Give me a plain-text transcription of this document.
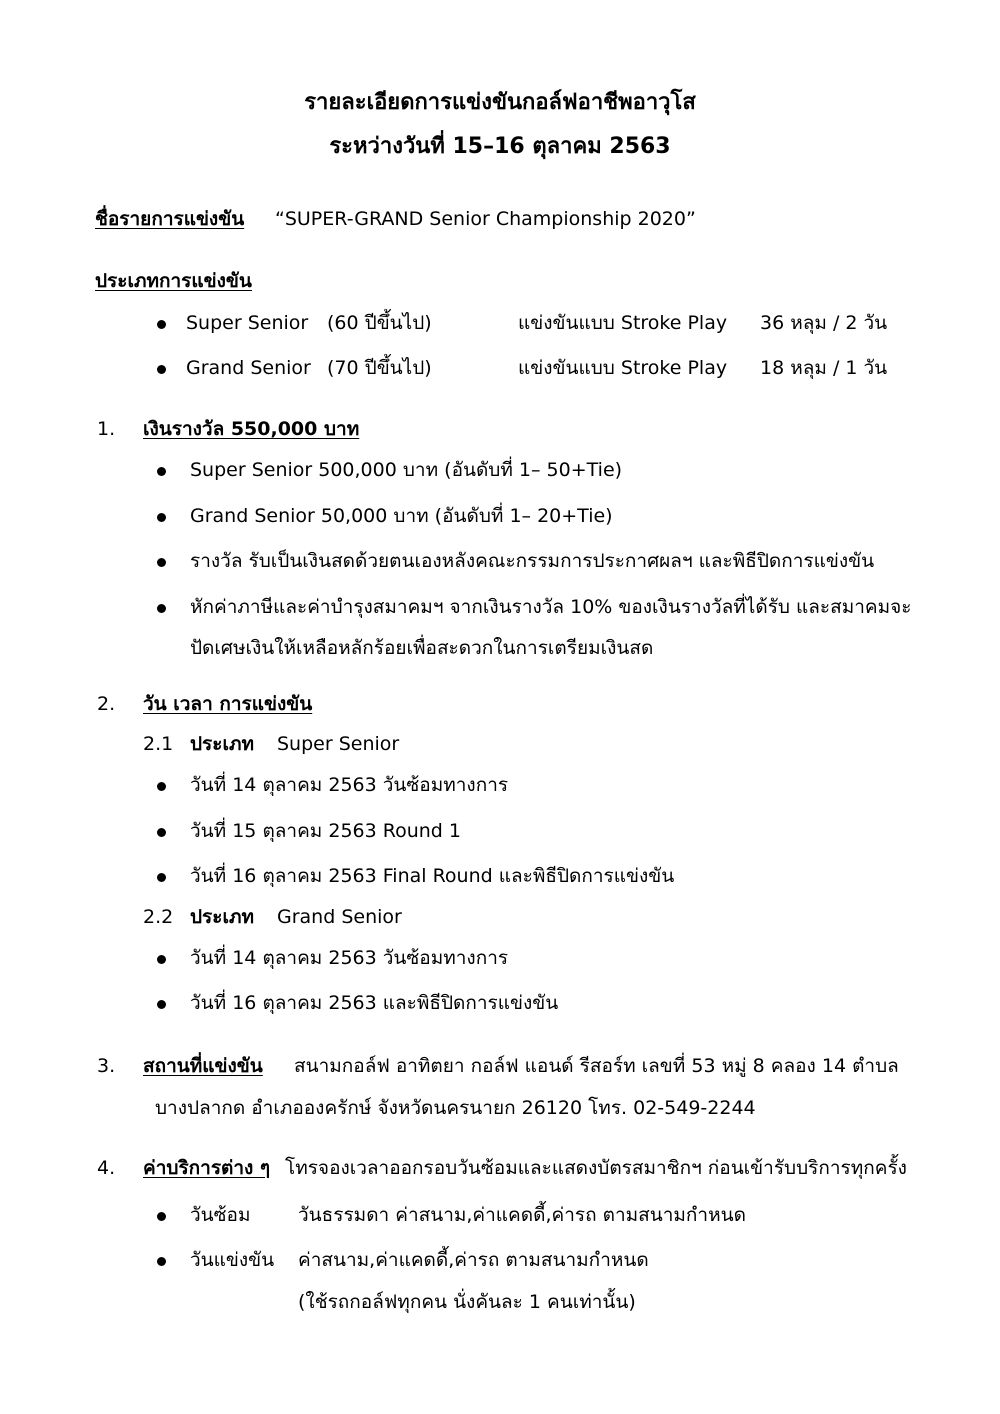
รายละเอียดการแข่งขันกอล์ฟอาชีพอาวุโส
ระหว่างวันที่ 15–16 ตุลาคม 2563
ชื่อรายการแข่งขัน “SUPER-GRAND Senior Championship 2020”
ประเภทการแข่งขัน
Super Senior (60 ปีขึ้นไป)	แข่งขันแบบ Stroke Play 36 หลุม / 2 วัน
Grand Senior (70 ปีขึ้นไป)	แข่งขันแบบ Stroke Play 18 หลุม / 1 วัน
1. เงินรางวัล 550,000 บาท
Super Senior 500,000 บาท (อันดับที่ 1– 50+Tie)
Grand Senior 50,000 บาท (อันดับที่ 1– 20+Tie)
รางวัล รับเป็นเงินสดด้วยตนเองหลังคณะกรรมการประกาศผลฯ และพิธีปิดการแข่งขัน
หักค่าภาษีและค่าบำรุงสมาคมฯ จากเงินรางวัล 10% ของเงินรางวัลที่ได้รับ และสมาคมจะ
ปัดเศษเงินให้เหลือหลักร้อยเพื่อสะดวกในการเตรียมเงินสด
2. วัน เวลา การแข่งขัน
2.1 ประเภท Super Senior
วันที่ 14 ตุลาคม 2563 วันซ้อมทางการ
วันที่ 15 ตุลาคม 2563 Round 1
วันที่ 16 ตุลาคม 2563 Final Round และพิธีปิดการแข่งขัน
2.2 ประเภท Grand Senior
วันที่ 14 ตุลาคม 2563 วันซ้อมทางการ
วันที่ 16 ตุลาคม 2563 และพิธีปิดการแข่งขัน
3. สถานที่แข่งขัน สนามกอล์ฟ อาทิตยา กอล์ฟ แอนด์ รีสอร์ท เลขที่ 53 หมู่ 8 คลอง 14 ตำบล
บางปลากด อำเภอองครักษ์ จังหวัดนครนายก 26120 โทร. 02-549-2244
4. ค่าบริการต่าง ๆ โทรจองเวลาออกรอบวันซ้อมและแสดงบัตรสมาชิกฯ ก่อนเข้ารับบริการทุกครั้ง
วันซ้อม	วันธรรมดา ค่าสนาม,ค่าแคดดี้,ค่ารถ ตามสนามกำหนด
วันแข่งขัน ค่าสนาม,ค่าแคดดี้,ค่ารถ ตามสนามกำหนด
(ใช้รถกอล์ฟทุกคน นั่งคันละ 1 คนเท่านั้น)
